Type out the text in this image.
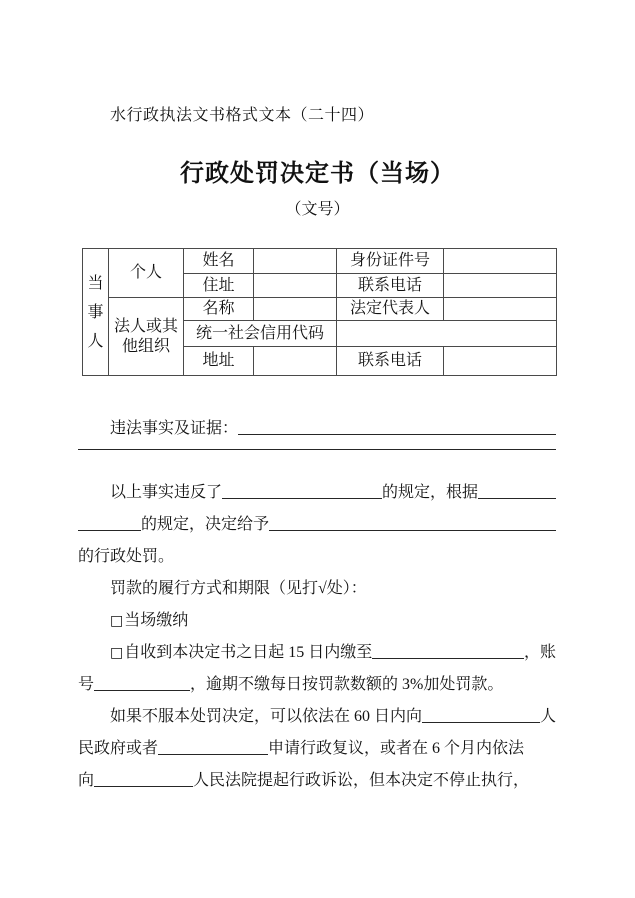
水行政执法文书格式文本（二十四）
行政处罚决定书（当场）
（文号）
当
事
人	个人	姓名		身份证件号	
		住址		联系电话	
	法人或其他组织	名称		法定代表人	
		统一社会信用代码			
		地址		联系电话	
违法事实及证据：
以上事实违反了	的规定，根据
的规定，决定给予
的行政处罚。
罚款的履行方式和期限（见打√处）：
□ 当场缴纳
□ 自收到本决定书之日起 15 日内缴至	，账
号	，逾期不缴每日按罚款数额的 3%加处罚款。
如果不服本处罚决定，可以依法在 60 日内向	人
民政府或者	申请行政复议，或者在 6 个月内依法
向	人民法院提起行政诉讼，但本决定不停止执行，
